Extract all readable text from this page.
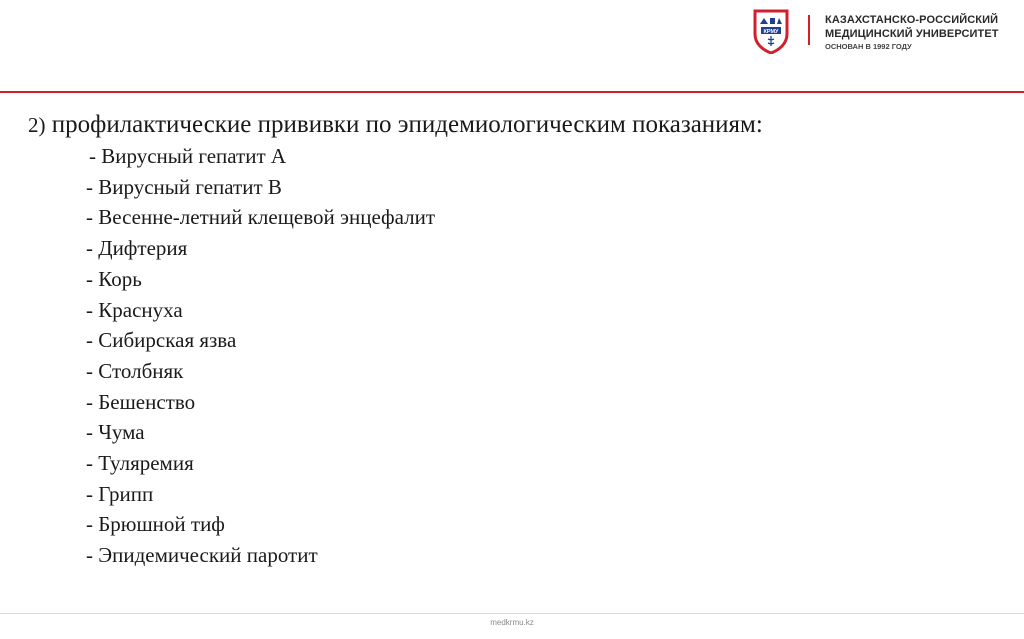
КРМУ
КАЗАХСТАНСКО-РОССИЙСКИЙ
МЕДИЦИНСКИЙ УНИВЕРСИТЕТ
ОСНОВАН В 1992 ГОДУ

2) профилактические прививки по эпидемиологическим показаниям:

- Вирусный гепатит А
- Вирусный гепатит В
- Весенне-летний клещевой энцефалит
- Дифтерия
- Корь
- Краснуха
- Сибирская язва
- Столбняк
- Бешенство
- Чума
- Туляремия
- Грипп
- Брюшной тиф
- Эпидемический паротит
medkrmu.kz
